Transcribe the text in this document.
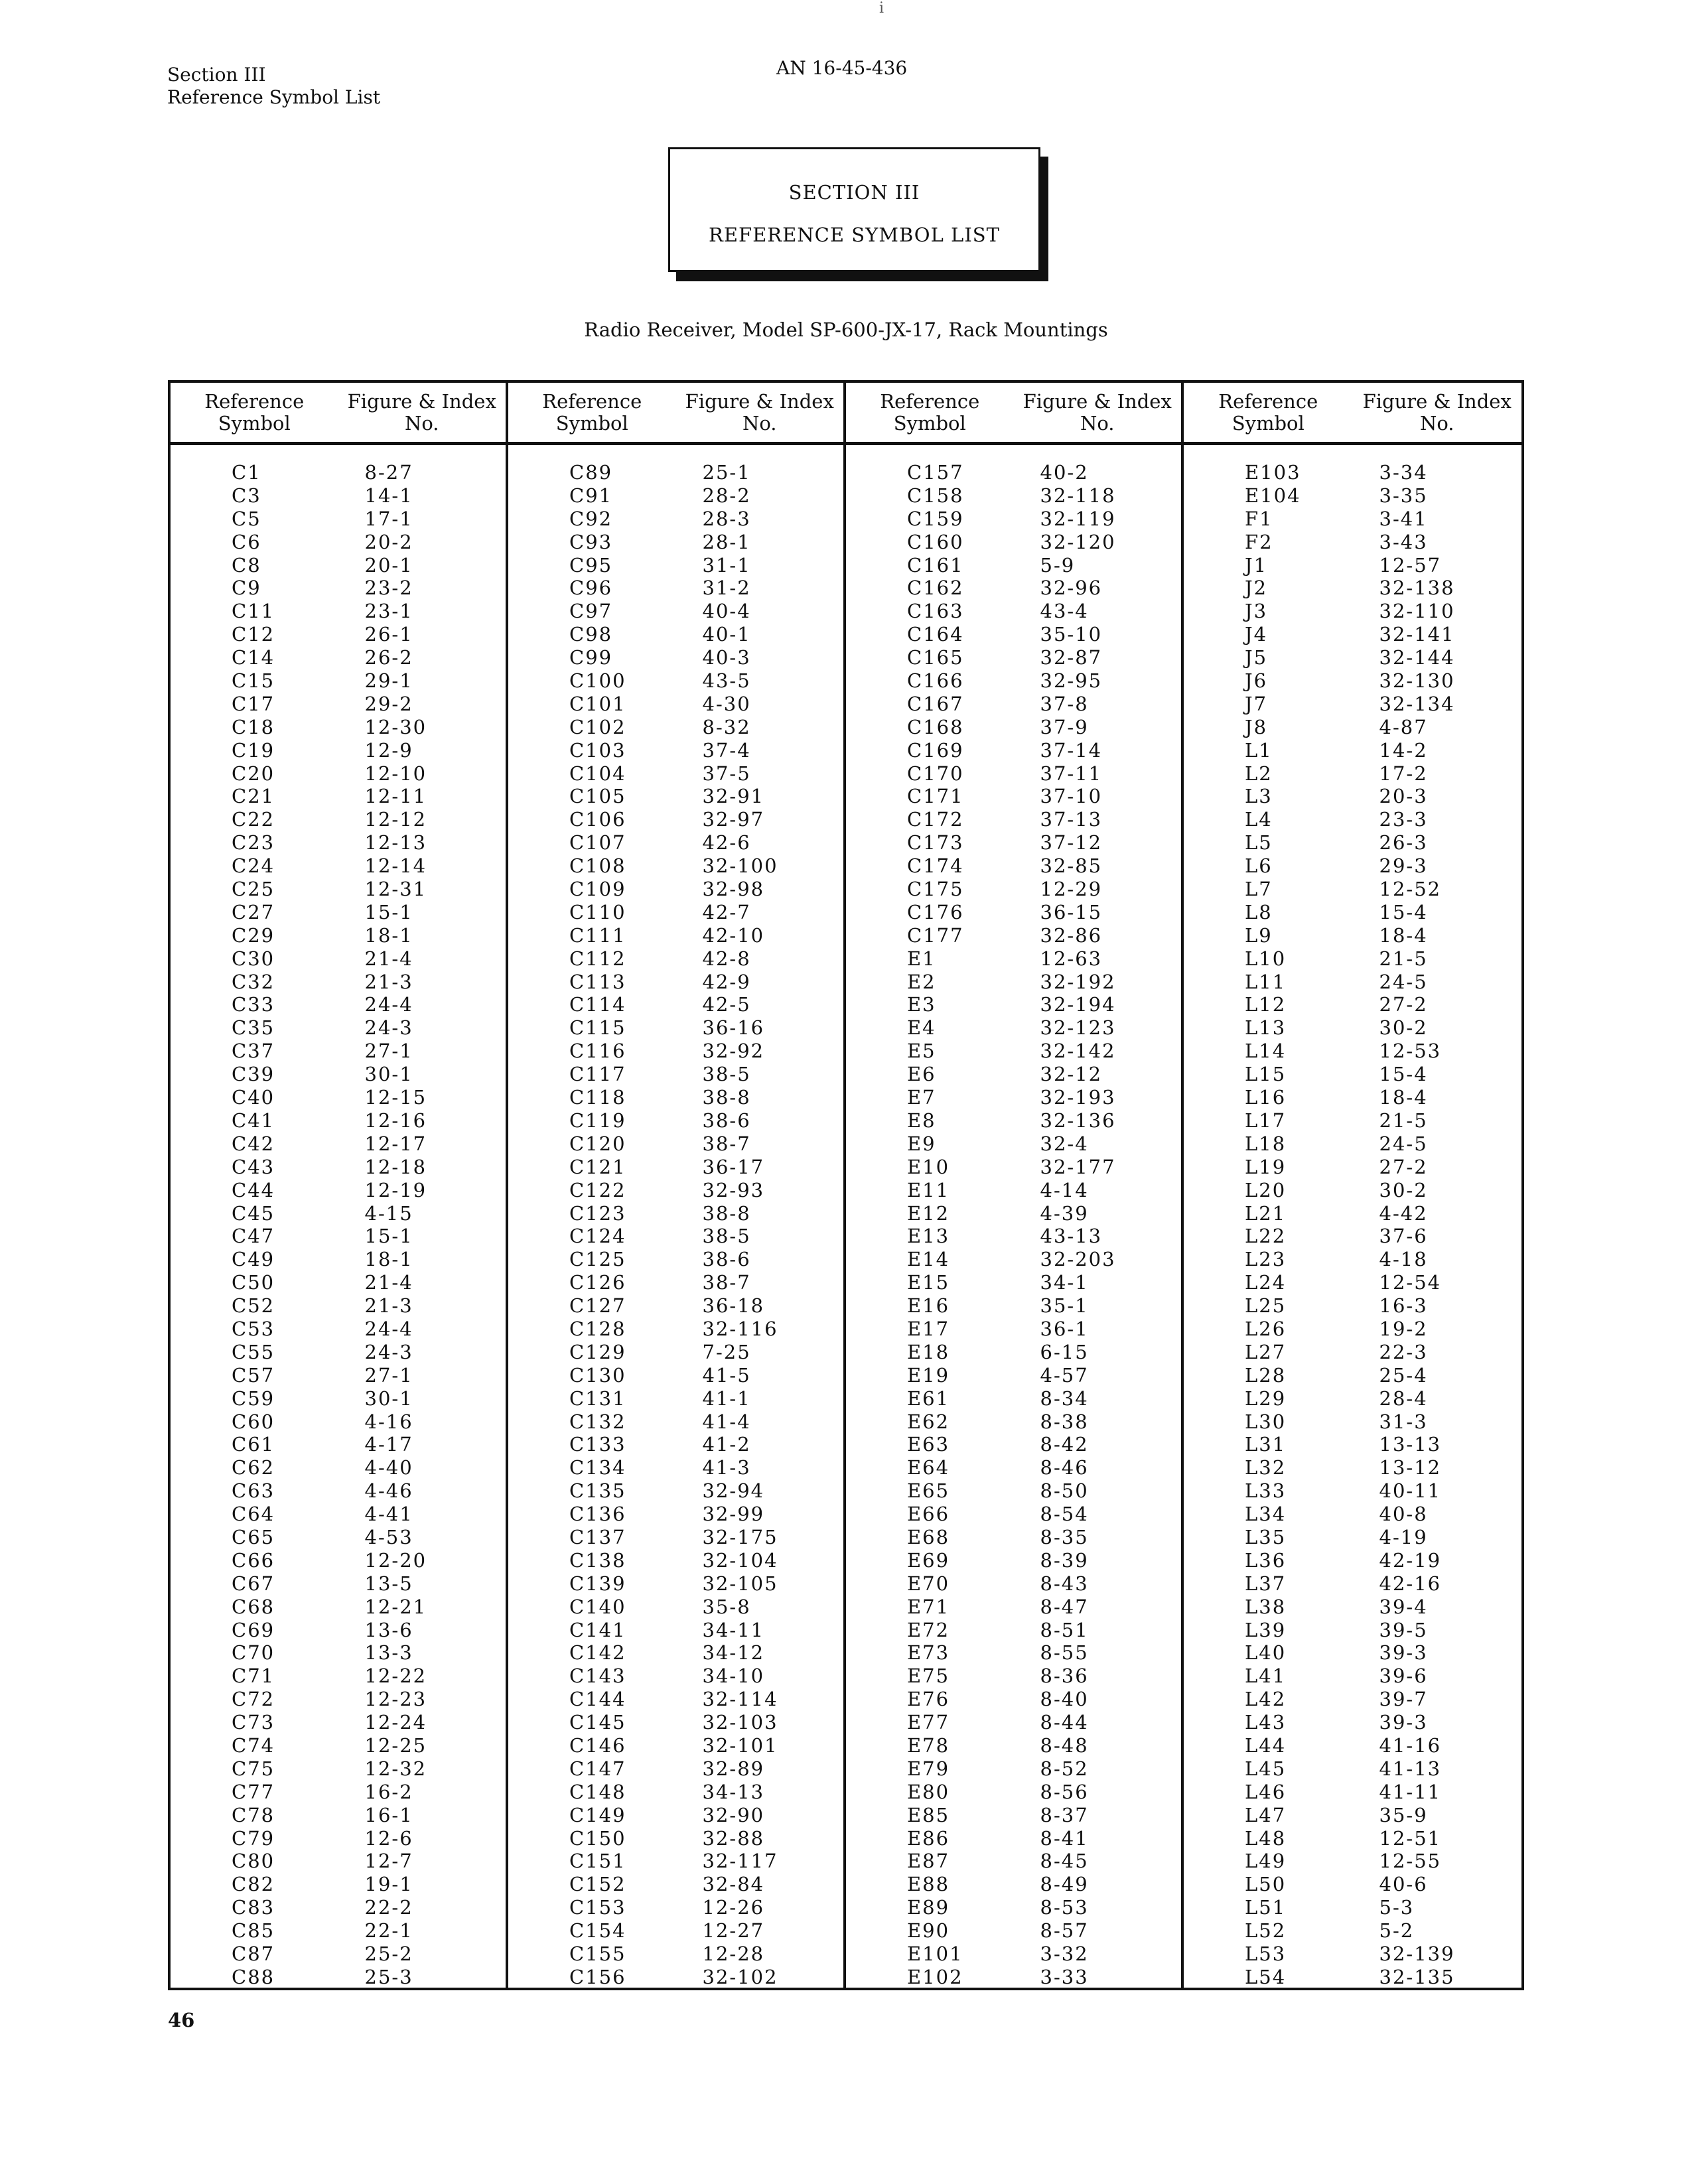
i
Section III
Reference Symbol List
AN 16-45-436
SECTION III
REFERENCE SYMBOL LIST
Radio Receiver, Model SP-600-JX-17, Rack Mountings
Reference Symbol
Figure & Index No.
C1	8-27
C3	14-1
C5	17-1
C6	20-2
C8	20-1
C9	23-2
C11	23-1
C12	26-1
C14	26-2
C15	29-1
C17	29-2
C18	12-30
C19	12-9
C20	12-10
C21	12-11
C22	12-12
C23	12-13
C24	12-14
C25	12-31
C27	15-1
C29	18-1
C30	21-4
C32	21-3
C33	24-4
C35	24-3
C37	27-1
C39	30-1
C40	12-15
C41	12-16
C42	12-17
C43	12-18
C44	12-19
C45	4-15
C47	15-1
C49	18-1
C50	21-4
C52	21-3
C53	24-4
C55	24-3
C57	27-1
C59	30-1
C60	4-16
C61	4-17
C62	4-40
C63	4-46
C64	4-41
C65	4-53
C66	12-20
C67	13-5
C68	12-21
C69	13-6
C70	13-3
C71	12-22
C72	12-23
C73	12-24
C74	12-25
C75	12-32
C77	16-2
C78	16-1
C79	12-6
C80	12-7
C82	19-1
C83	22-2
C85	22-1
C87	25-2
C88	25-3
Reference Symbol
Figure & Index No.
C89	25-1
C91	28-2
C92	28-3
C93	28-1
C95	31-1
C96	31-2
C97	40-4
C98	40-1
C99	40-3
C100	43-5
C101	4-30
C102	8-32
C103	37-4
C104	37-5
C105	32-91
C106	32-97
C107	42-6
C108	32-100
C109	32-98
C110	42-7
C111	42-10
C112	42-8
C113	42-9
C114	42-5
C115	36-16
C116	32-92
C117	38-5
C118	38-8
C119	38-6
C120	38-7
C121	36-17
C122	32-93
C123	38-8
C124	38-5
C125	38-6
C126	38-7
C127	36-18
C128	32-116
C129	7-25
C130	41-5
C131	41-1
C132	41-4
C133	41-2
C134	41-3
C135	32-94
C136	32-99
C137	32-175
C138	32-104
C139	32-105
C140	35-8
C141	34-11
C142	34-12
C143	34-10
C144	32-114
C145	32-103
C146	32-101
C147	32-89
C148	34-13
C149	32-90
C150	32-88
C151	32-117
C152	32-84
C153	12-26
C154	12-27
C155	12-28
C156	32-102
Reference Symbol
Figure & Index No.
C157	40-2
C158	32-118
C159	32-119
C160	32-120
C161	5-9
C162	32-96
C163	43-4
C164	35-10
C165	32-87
C166	32-95
C167	37-8
C168	37-9
C169	37-14
C170	37-11
C171	37-10
C172	37-13
C173	37-12
C174	32-85
C175	12-29
C176	36-15
C177	32-86
E1	12-63
E2	32-192
E3	32-194
E4	32-123
E5	32-142
E6	32-12
E7	32-193
E8	32-136
E9	32-4
E10	32-177
E11	4-14
E12	4-39
E13	43-13
E14	32-203
E15	34-1
E16	35-1
E17	36-1
E18	6-15
E19	4-57
E61	8-34
E62	8-38
E63	8-42
E64	8-46
E65	8-50
E66	8-54
E68	8-35
E69	8-39
E70	8-43
E71	8-47
E72	8-51
E73	8-55
E75	8-36
E76	8-40
E77	8-44
E78	8-48
E79	8-52
E80	8-56
E85	8-37
E86	8-41
E87	8-45
E88	8-49
E89	8-53
E90	8-57
E101	3-32
E102	3-33
Reference Symbol
Figure & Index No.
E103	3-34
E104	3-35
F1	3-41
F2	3-43
J1	12-57
J2	32-138
J3	32-110
J4	32-141
J5	32-144
J6	32-130
J7	32-134
J8	4-87
L1	14-2
L2	17-2
L3	20-3
L4	23-3
L5	26-3
L6	29-3
L7	12-52
L8	15-4
L9	18-4
L10	21-5
L11	24-5
L12	27-2
L13	30-2
L14	12-53
L15	15-4
L16	18-4
L17	21-5
L18	24-5
L19	27-2
L20	30-2
L21	4-42
L22	37-6
L23	4-18
L24	12-54
L25	16-3
L26	19-2
L27	22-3
L28	25-4
L29	28-4
L30	31-3
L31	13-13
L32	13-12
L33	40-11
L34	40-8
L35	4-19
L36	42-19
L37	42-16
L38	39-4
L39	39-5
L40	39-3
L41	39-6
L42	39-7
L43	39-3
L44	41-16
L45	41-13
L46	41-11
L47	35-9
L48	12-51
L49	12-55
L50	40-6
L51	5-3
L52	5-2
L53	32-139
L54	32-135
46
